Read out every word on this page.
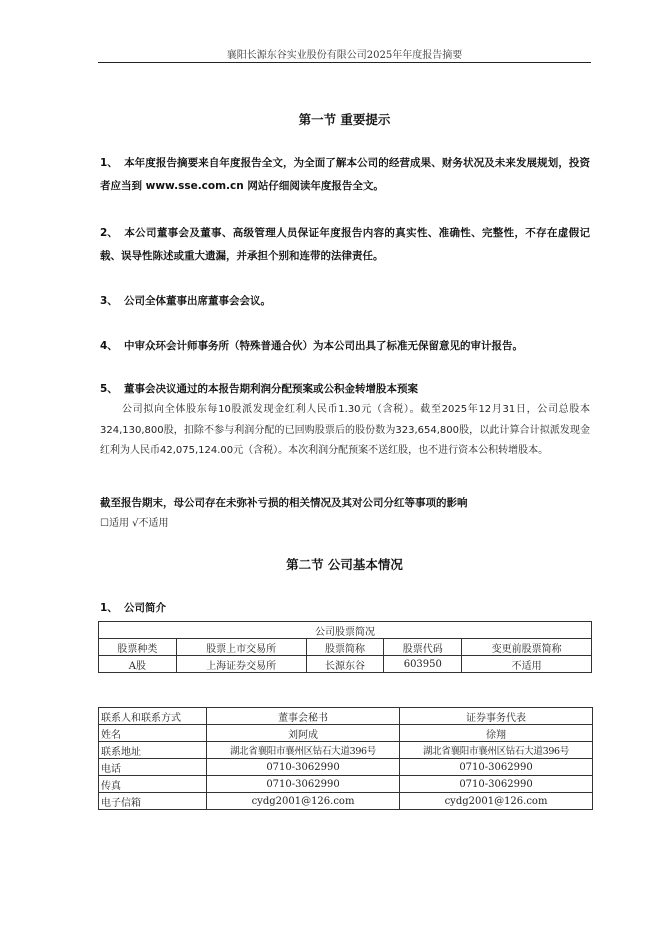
襄阳长源东谷实业股份有限公司2025年年度报告摘要
第一节 重要提示
1、 本年度报告摘要来自年度报告全文，为全面了解本公司的经营成果、财务状况及未来发展规划，投资者应当到 www.sse.com.cn 网站仔细阅读年度报告全文。
2、 本公司董事会及董事、高级管理人员保证年度报告内容的真实性、准确性、完整性，不存在虚假记载、误导性陈述或重大遗漏，并承担个别和连带的法律责任。
3、 公司全体董事出席董事会会议。
4、 中审众环会计师事务所（特殊普通合伙）为本公司出具了标准无保留意见的审计报告。
5、 董事会决议通过的本报告期利润分配预案或公积金转增股本预案
公司拟向全体股东每10股派发现金红利人民币1.30元（含税）。截至2025年12月31日，公司总股本324,130,800股，扣除不参与利润分配的已回购股票后的股份数为323,654,800股，以此计算合计拟派发现金红利为人民币42,075,124.00元（含税）。本次利润分配预案不送红股，也不进行资本公积转增股本。
截至报告期末，母公司存在未弥补亏损的相关情况及其对公司分红等事项的影响
☐适用 √不适用
第二节 公司基本情况
1、 公司简介
公司股票简况				
股票种类	股票上市交易所	股票简称	股票代码	变更前股票简称
A股	上海证券交易所	长源东谷	603950	不适用
联系人和联系方式	董事会秘书	证券事务代表
姓名	刘阿成	徐翔
联系地址	湖北省襄阳市襄州区钻石大道396号	湖北省襄阳市襄州区钻石大道396号
电话	0710-3062990	0710-3062990
传真	0710-3062990	0710-3062990
电子信箱	cydg2001@126.com	cydg2001@126.com
